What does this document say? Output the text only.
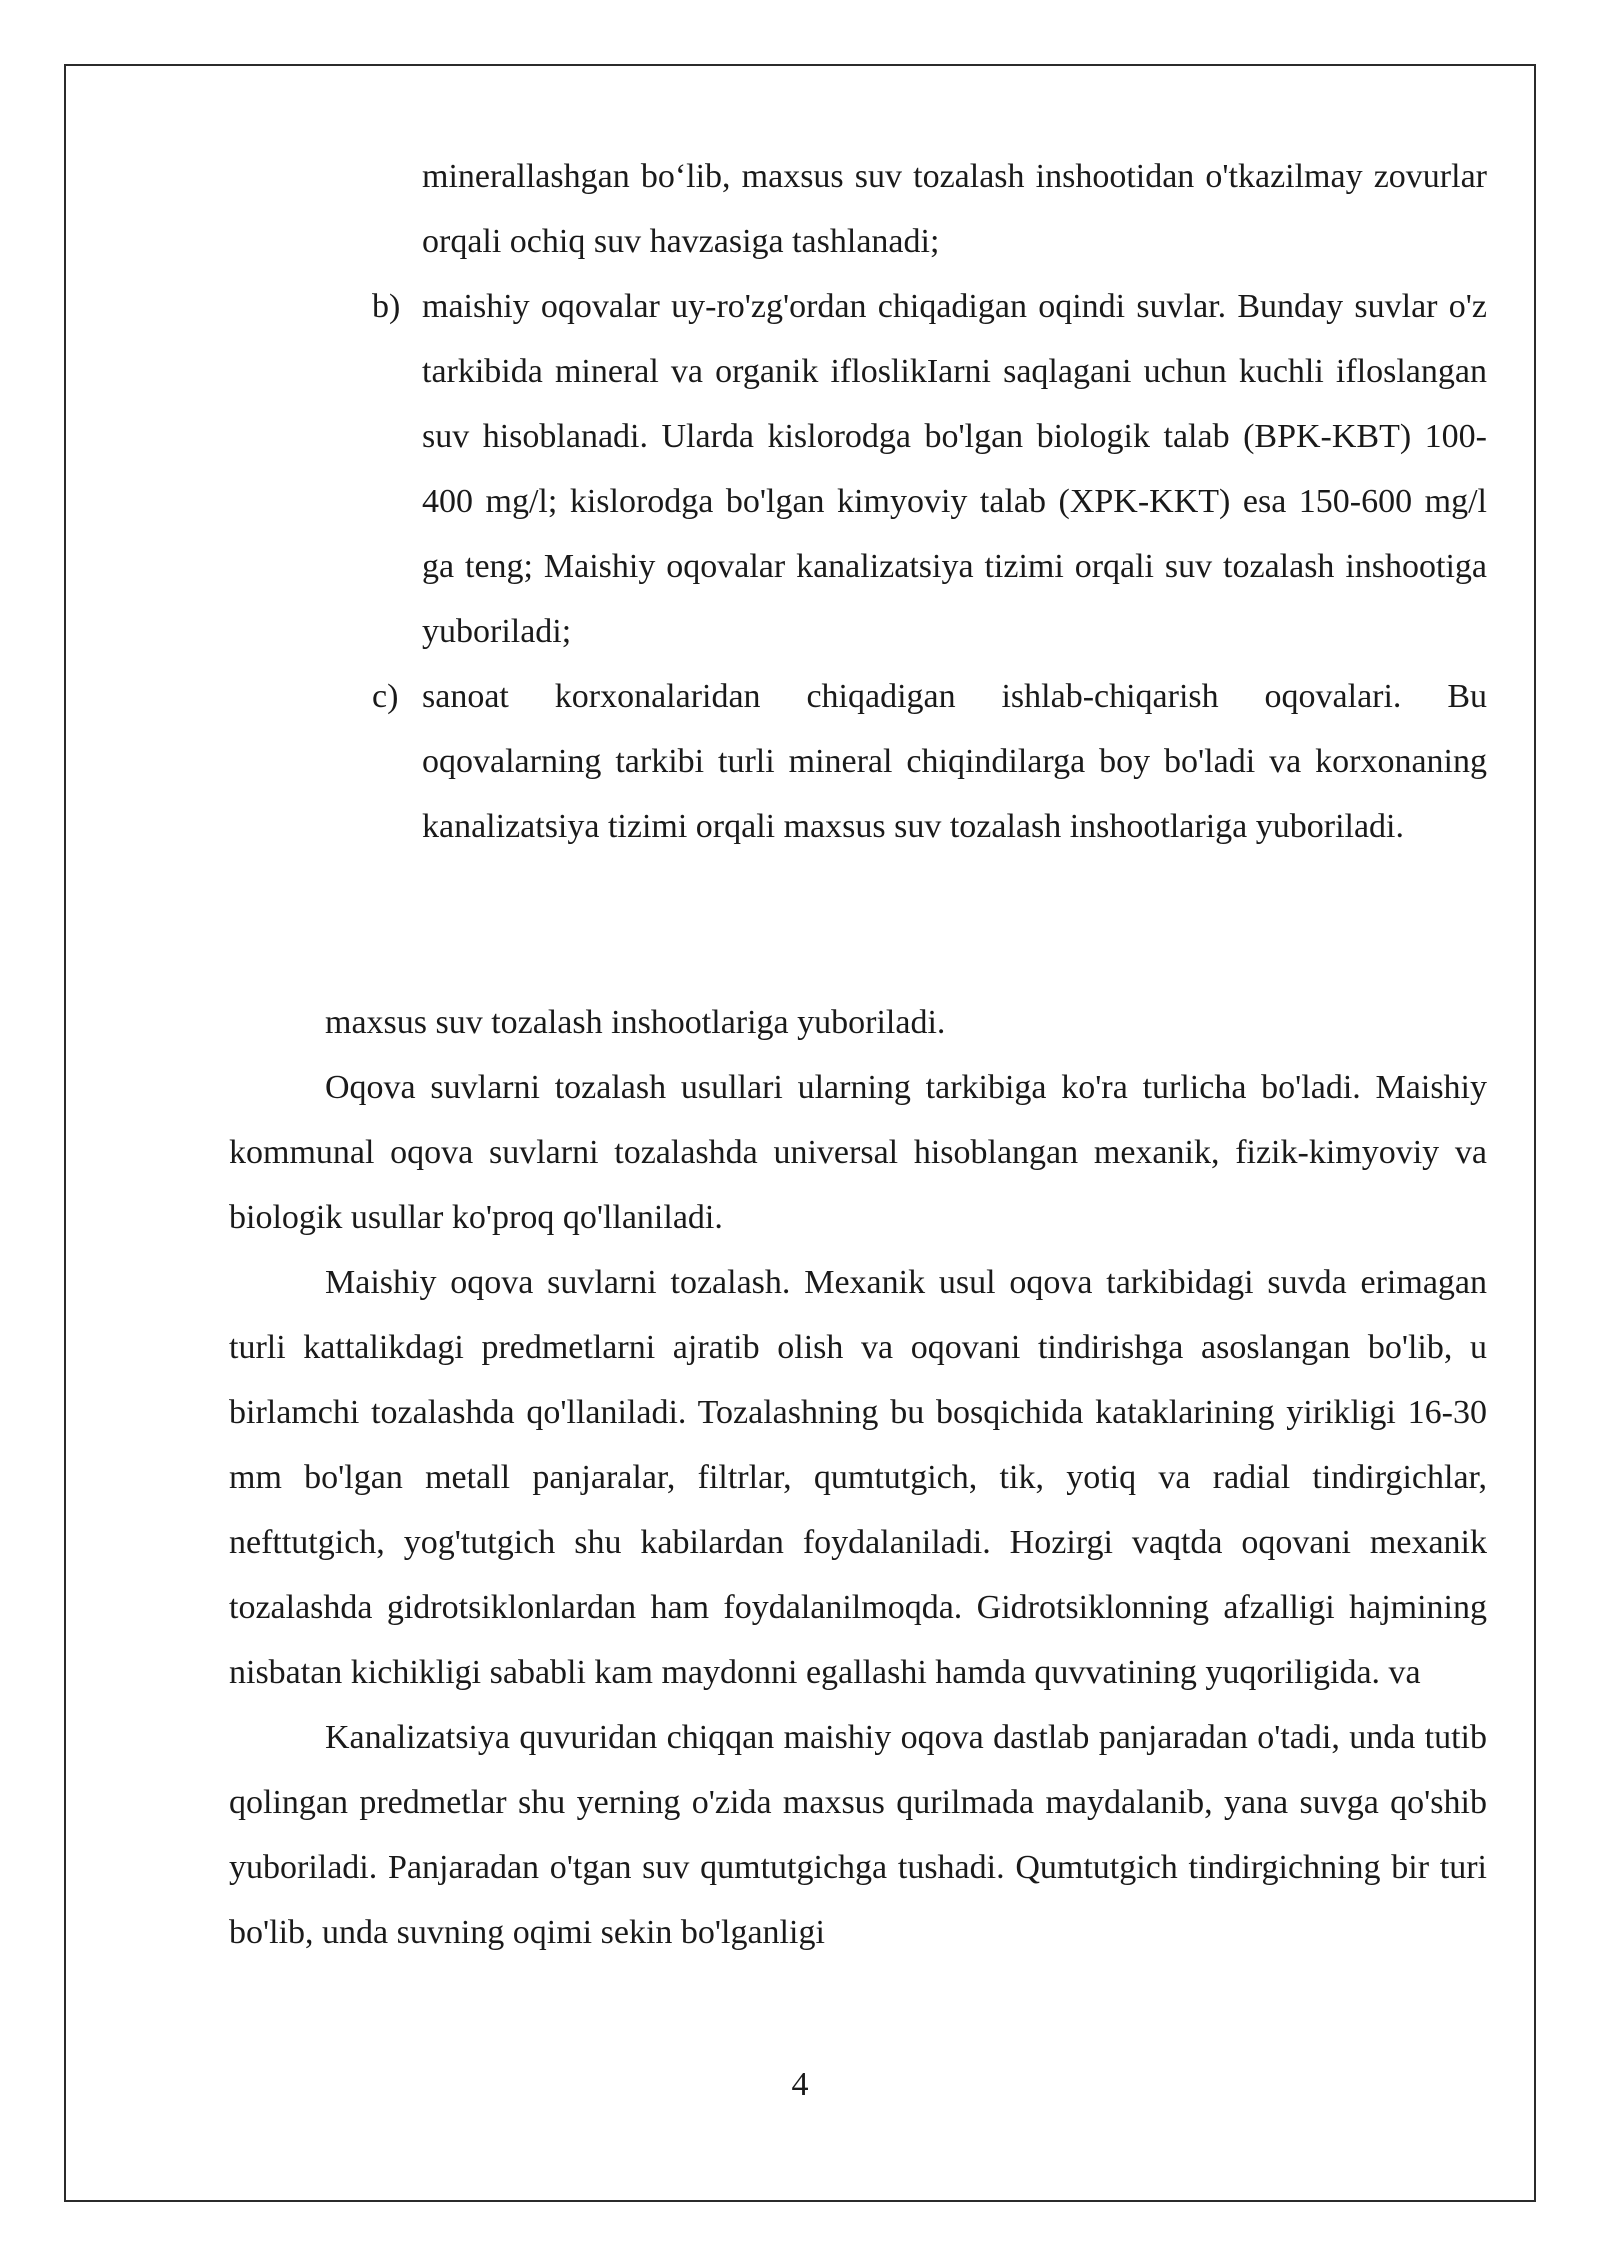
minerallashgan bo‘lib, maxsus suv tozalash inshootidan o'tkazilmay zovurlar orqali ochiq suv havzasiga tashlanadi;
b) maishiy oqovalar uy-ro'zg'ordan chiqadigan oqindi suvlar. Bunday suvlar o'z tarkibida mineral va organik ifloslikIarni saqlagani uchun kuchli ifloslangan suv hisoblanadi. Ularda kislorodga bo'lgan biologik talab (BPK-KBT) 100-400 mg/l; kislorodga bo'lgan kimyoviy talab (XPK-KKT) esa 150-600 mg/l ga teng; Maishiy oqovalar kanalizatsiya tizimi orqali suv tozalash inshootiga yuboriladi;
c) sanoat korxonalaridan chiqadigan ishlab-chiqarish oqovalari. Bu oqovalarning tarkibi turli mineral chiqindilarga boy bo'ladi va korxonaning kanalizatsiya tizimi orqali maxsus suv tozalash inshootlariga yuboriladi.

maxsus suv tozalash inshootlariga yuboriladi.

Oqova suvlarni tozalash usullari ularning tarkibiga ko'ra turlicha bo'ladi. Maishiy kommunal oqova suvlarni tozalashda universal hisoblangan mexanik, fizik-kimyoviy va biologik usullar ko'proq qo'llaniladi.

Maishiy oqova suvlarni tozalash. Mexanik usul oqova tarkibidagi suvda erimagan turli kattalikdagi predmetlarni ajratib olish va oqovani tindirishga asoslangan bo'lib, u birlamchi tozalashda qo'llaniladi. Tozalashning bu bosqichida kataklarining yirikligi 16-30 mm bo'lgan metall panjaralar, filtrlar, qumtutgich, tik, yotiq va radial tindirgichlar, nefttutgich, yog'tutgich shu kabilardan foydalaniladi. Hozirgi vaqtda oqovani mexanik tozalashda gidrotsiklonlardan ham foydalanilmoqda. Gidrotsiklonning afzalligi hajmining nisbatan kichikligi sababli kam maydonni egallashi hamda quvvatining yuqoriligida. va

Kanalizatsiya quvuridan chiqqan maishiy oqova dastlab panjaradan o'tadi, unda tutib qolingan predmetlar shu yerning o'zida maxsus qurilmada maydalanib, yana suvga qo'shib yuboriladi. Panjaradan o'tgan suv qumtutgichga tushadi. Qumtutgich tindirgichning bir turi bo'lib, unda suvning oqimi sekin bo'lganligi

4
